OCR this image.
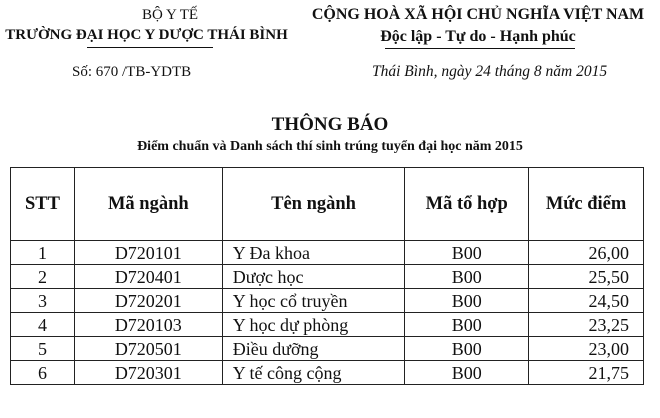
BỘ Y TẾ
TRƯỜNG ĐẠI HỌC Y DƯỢC THÁI BÌNH
Số: 670 /TB-YDTB
CỘNG HOÀ XÃ HỘI CHỦ NGHĨA VIỆT NAM
Độc lập - Tự do - Hạnh phúc
Thái Bình, ngày 24 tháng 8 năm 2015
THÔNG BÁO
Điểm chuẩn và Danh sách thí sinh trúng tuyển đại học năm 2015
STT	Mã ngành	Tên ngành	Mã tổ hợp	Mức điểm
1	D720101	Y Đa khoa	B00	26,00
2	D720401	Dược học	B00	25,50
3	D720201	Y học cổ truyền	B00	24,50
4	D720103	Y học dự phòng	B00	23,25
5	D720501	Điều dưỡng	B00	23,00
6	D720301	Y tế công cộng	B00	21,75
